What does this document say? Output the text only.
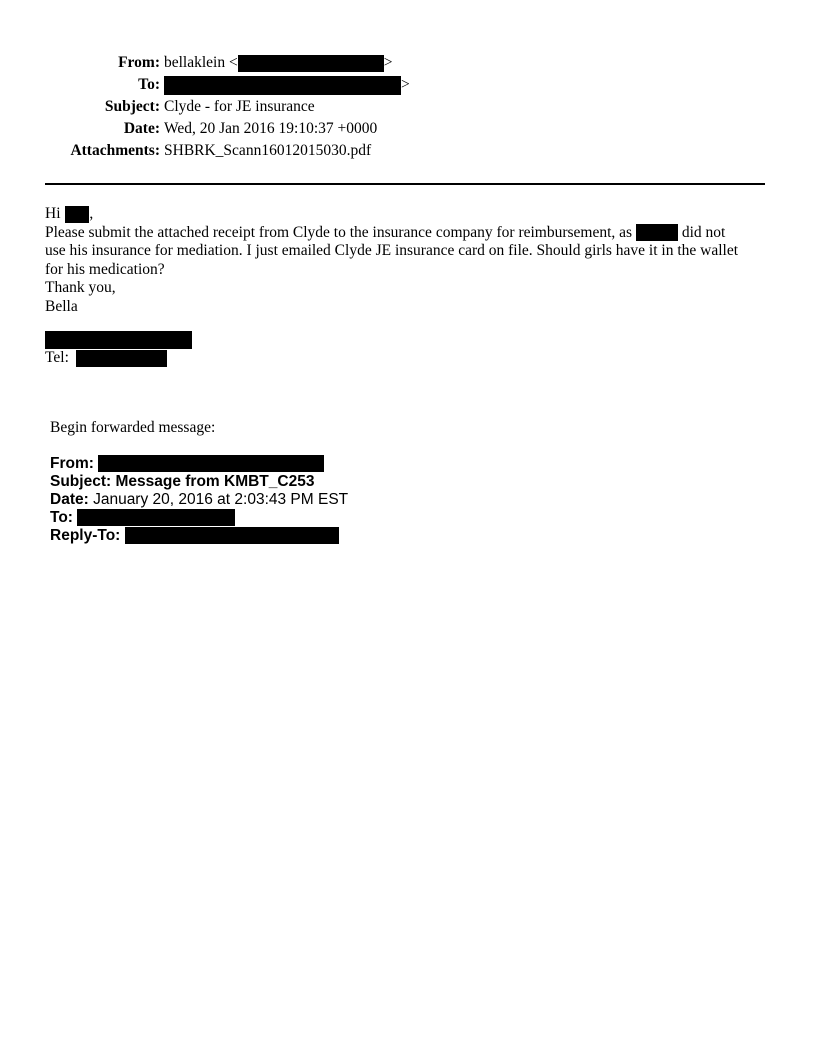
From: bellaklein <	>
To:	>
Subject: Clyde - for JE insurance
Date: Wed, 20 Jan 2016 19:10:37 +0000
Attachments: SHBRK_Scann16012015030.pdf
Hi ,
Please submit the attached receipt from Clyde to the insurance company for reimbursement, as	did not
use his insurance for mediation. I just emailed Clyde JE insurance card on file. Should girls have it in the wallet
for his medication?
Thank you,
Bella
Tel:
Begin forwarded message:
From:
Subject: Message from KMBT_C253
Date: January 20, 2016 at 2:03:43 PM EST
To:
Reply-To:
